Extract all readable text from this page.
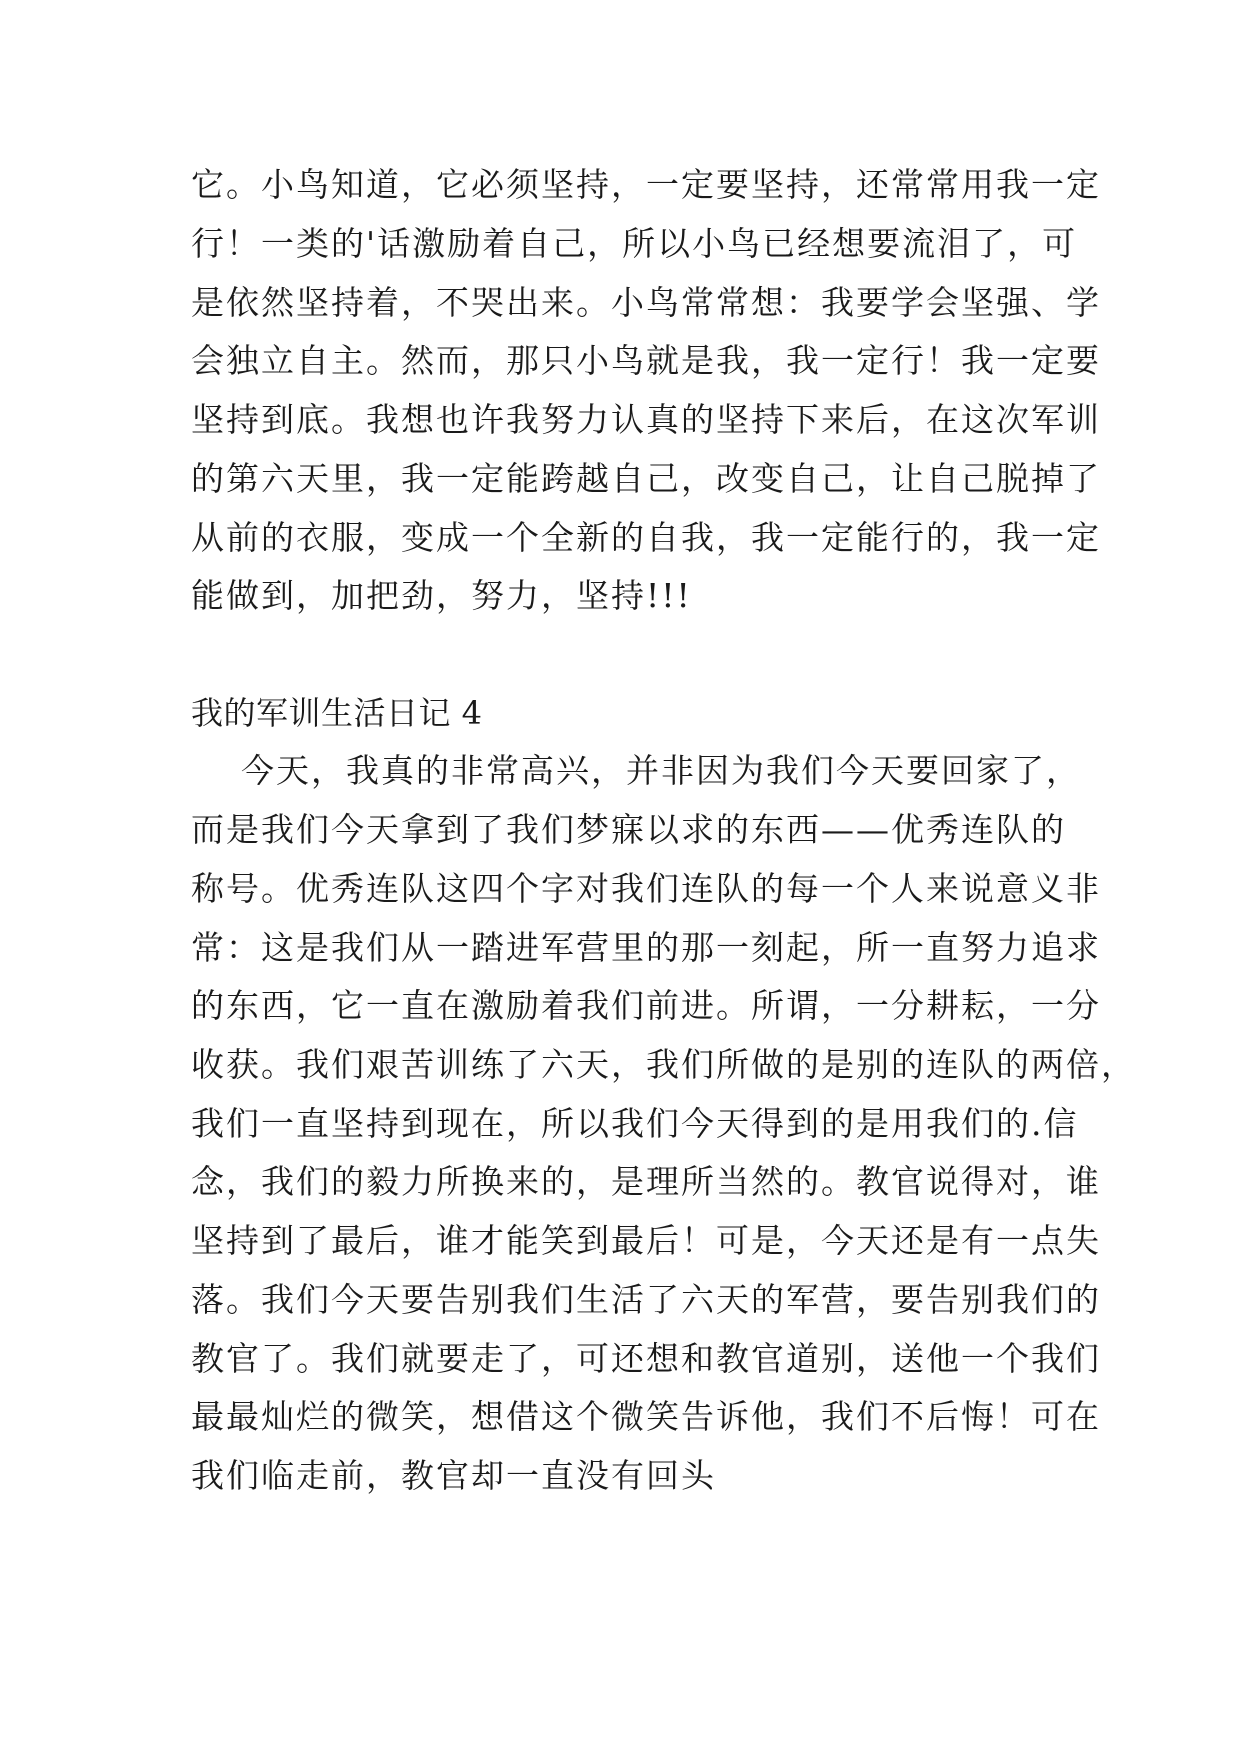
它。小鸟知道，它必须坚持，一定要坚持，还常常用我一定
行！一类的'话激励着自己，所以小鸟已经想要流泪了，可
是依然坚持着，不哭出来。小鸟常常想：我要学会坚强、学
会独立自主。然而，那只小鸟就是我，我一定行！我一定要
坚持到底。我想也许我努力认真的坚持下来后，在这次军训
的第六天里，我一定能跨越自己，改变自己，让自己脱掉了
从前的衣服，变成一个全新的自我，我一定能行的，我一定
能做到，加把劲，努力，坚持!!!
我的军训生活日记 4
今天，我真的非常高兴，并非因为我们今天要回家了，
而是我们今天拿到了我们梦寐以求的东西——优秀连队的
称号。优秀连队这四个字对我们连队的每一个人来说意义非
常：这是我们从一踏进军营里的那一刻起，所一直努力追求
的东西，它一直在激励着我们前进。所谓，一分耕耘，一分
收获。我们艰苦训练了六天，我们所做的是别的连队的两倍，
我们一直坚持到现在，所以我们今天得到的是用我们的.信
念，我们的毅力所换来的，是理所当然的。教官说得对，谁
坚持到了最后，谁才能笑到最后！可是，今天还是有一点失
落。我们今天要告别我们生活了六天的军营，要告别我们的
教官了。我们就要走了，可还想和教官道别，送他一个我们
最最灿烂的微笑，想借这个微笑告诉他，我们不后悔！可在
我们临走前，教官却一直没有回头
